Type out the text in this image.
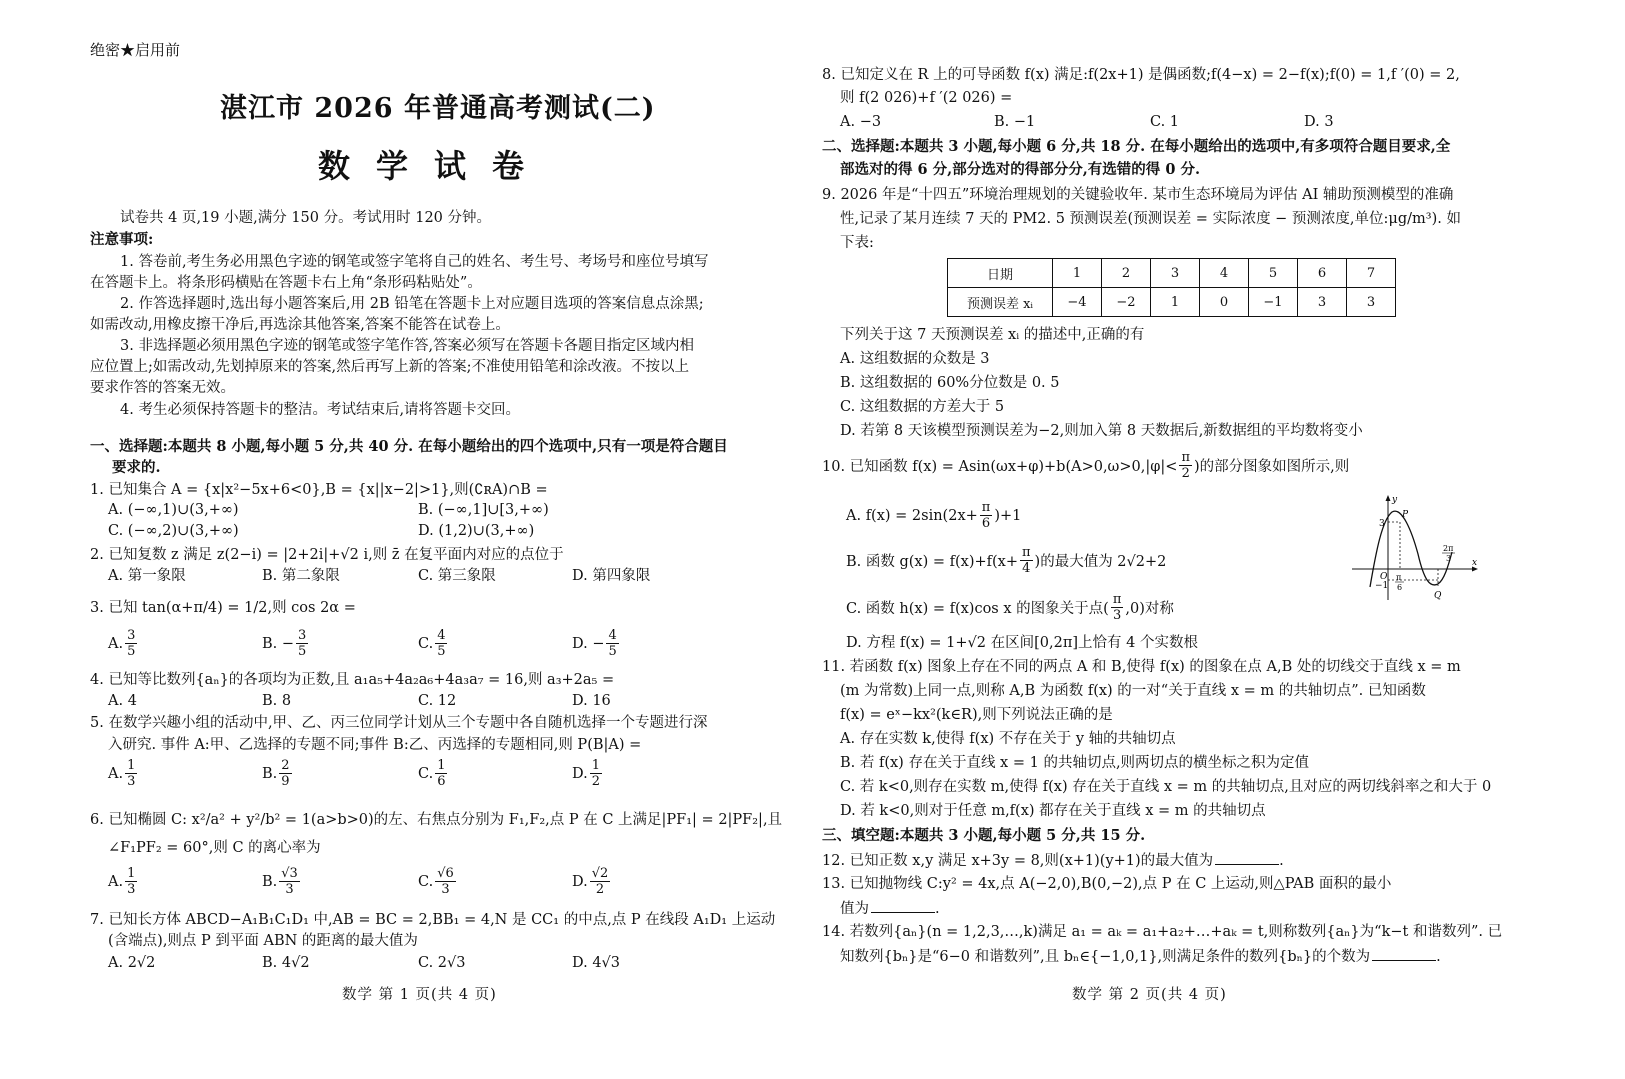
绝密★启用前
湛江市 2026 年普通高考测试(二)
数学试卷
试卷共 4 页,19 小题,满分 150 分。考试用时 120 分钟。
注意事项:
1. 答卷前,考生务必用黑色字迹的钢笔或签字笔将自己的姓名、考生号、考场号和座位号填写
在答题卡上。将条形码横贴在答题卡右上角“条形码粘贴处”。
2. 作答选择题时,选出每小题答案后,用 2B 铅笔在答题卡上对应题目选项的答案信息点涂黑;
如需改动,用橡皮擦干净后,再选涂其他答案,答案不能答在试卷上。
3. 非选择题必须用黑色字迹的钢笔或签字笔作答,答案必须写在答题卡各题目指定区域内相
应位置上;如需改动,先划掉原来的答案,然后再写上新的答案;不准使用铅笔和涂改液。不按以上
要求作答的答案无效。
4. 考生必须保持答题卡的整洁。考试结束后,请将答题卡交回。
一、选择题:本题共 8 小题,每小题 5 分,共 40 分. 在每小题给出的四个选项中,只有一项是符合题目
要求的.
1. 已知集合 A = {x|x²−5x+6<0},B = {x||x−2|>1},则(∁ʀA)∩B =
A. (−∞,1)∪(3,+∞)	B. (−∞,1]∪[3,+∞)
C. (−∞,2)∪(3,+∞)	D. (1,2)∪(3,+∞)
2. 已知复数 z 满足 z(2−i) = |2+2i|+√2 i,则 z̄ 在复平面内对应的点位于
A. 第一象限	B. 第二象限	C. 第三象限	D. 第四象限
3. 已知 tan(α+π/4) = 1/2,则 cos 2α =
A. $\frac{3}{5}$	B. − $\frac{3}{5}$	C. $\frac{4}{5}$	D. − $\frac{4}{5}$
4. 已知等比数列{aₙ}的各项均为正数,且 a₁a₅+4a₂a₆+4a₃a₇ = 16,则 a₃+2a₅ =
A. 4	B. 8	C. 12	D. 16
5. 在数学兴趣小组的活动中,甲、乙、丙三位同学计划从三个专题中各自随机选择一个专题进行深
入研究. 事件 A:甲、乙选择的专题不同;事件 B:乙、丙选择的专题相同,则 P(B|A) =
A. $\frac{1}{3}$	B. $\frac{2}{9}$	C. $\frac{1}{6}$	D. $\frac{1}{2}$
6. 已知椭圆 C: x²/a² + y²/b² = 1(a>b>0)的左、右焦点分别为 F₁,F₂,点 P 在 C 上满足|PF₁| = 2|PF₂|,且
∠F₁PF₂ = 60°,则 C 的离心率为
A. $\frac{1}{3}$	B. $\frac{√3}{3}$	C. $\frac{√6}{3}$	D. $\frac{√2}{2}$
7. 已知长方体 ABCD−A₁B₁C₁D₁ 中,AB = BC = 2,BB₁ = 4,N 是 CC₁ 的中点,点 P 在线段 A₁D₁ 上运动
(含端点),则点 P 到平面 ABN 的距离的最大值为
A. 2√2	B. 4√2	C. 2√3	D. 4√3
数学 第 1 页(共 4 页)
8. 已知定义在 R 上的可导函数 f(x) 满足:f(2x+1) 是偶函数;f(4−x) = 2−f(x);f(0) = 1,f ′(0) = 2,
则 f(2 026)+f ′(2 026) =
A. −3	B. −1	C. 1	D. 3
二、选择题:本题共 3 小题,每小题 6 分,共 18 分. 在每小题给出的选项中,有多项符合题目要求,全
部选对的得 6 分,部分选对的得部分分,有选错的得 0 分.
9. 2026 年是“十四五”环境治理规划的关键验收年. 某市生态环境局为评估 AI 辅助预测模型的准确
性,记录了某月连续 7 天的 PM2. 5 预测误差(预测误差 = 实际浓度 − 预测浓度,单位:μg/m³). 如
下表:
日期	1	2	3	4	5	6	7
预测误差 xᵢ	−4	−2	1	0	−1	3	3
下列关于这 7 天预测误差 xᵢ 的描述中,正确的有
A. 这组数据的众数是 3
B. 这组数据的 60%分位数是 0. 5
C. 这组数据的方差大于 5
D. 若第 8 天该模型预测误差为−2,则加入第 8 天数据后,新数据组的平均数将变小
10. 已知函数 $f(x) = Asin(\omega x+\varphi)+b(A>0,\omega>0,|\varphi|< \frac{\pi}{2}$ )的部分图象如图所示,则
A. $f(x) = 2\sin(2x+ \frac{\pi}{6} )+1$
B. 函数 $g(x) = f(x)+f(x+ \frac{\pi}{4}$ )的最大值为 2√2+2
C. 函数 h(x) = f(x)cos x 的图象关于点( $\frac{\pi}{3} ,0$)对称
D. 方程 f(x) = 1+√2 在区间[0,2π]上恰有 4 个实数根
y
x
O
3
−1
P
Q
π
6
2π
3
11. 若函数 f(x) 图象上存在不同的两点 A 和 B,使得 f(x) 的图象在点 A,B 处的切线交于直线 x = m
(m 为常数)上同一点,则称 A,B 为函数 f(x) 的一对“关于直线 x = m 的共轴切点”. 已知函数
f(x) = eˣ−kx²(k∈R),则下列说法正确的是
A. 存在实数 k,使得 f(x) 不存在关于 y 轴的共轴切点
B. 若 f(x) 存在关于直线 x = 1 的共轴切点,则两切点的横坐标之积为定值
C. 若 k<0,则存在实数 m,使得 f(x) 存在关于直线 x = m 的共轴切点,且对应的两切线斜率之和大于 0
D. 若 k<0,则对于任意 m,f(x) 都存在关于直线 x = m 的共轴切点
三、填空题:本题共 3 小题,每小题 5 分,共 15 分.
12. 已知正数 x,y 满足 x+3y = 8,则(x+1)(y+1)的最大值为	.
13. 已知抛物线 C:y² = 4x,点 A(−2,0),B(0,−2),点 P 在 C 上运动,则△PAB 面积的最小
值为	.
14. 若数列{aₙ}(n = 1,2,3,…,k)满足 a₁ = aₖ = a₁+a₂+…+aₖ = t,则称数列{aₙ}为“k−t 和谐数列”. 已
知数列{bₙ}是“6−0 和谐数列”,且 bₙ∈{−1,0,1},则满足条件的数列{bₙ}的个数为	.
数学 第 2 页(共 4 页)
